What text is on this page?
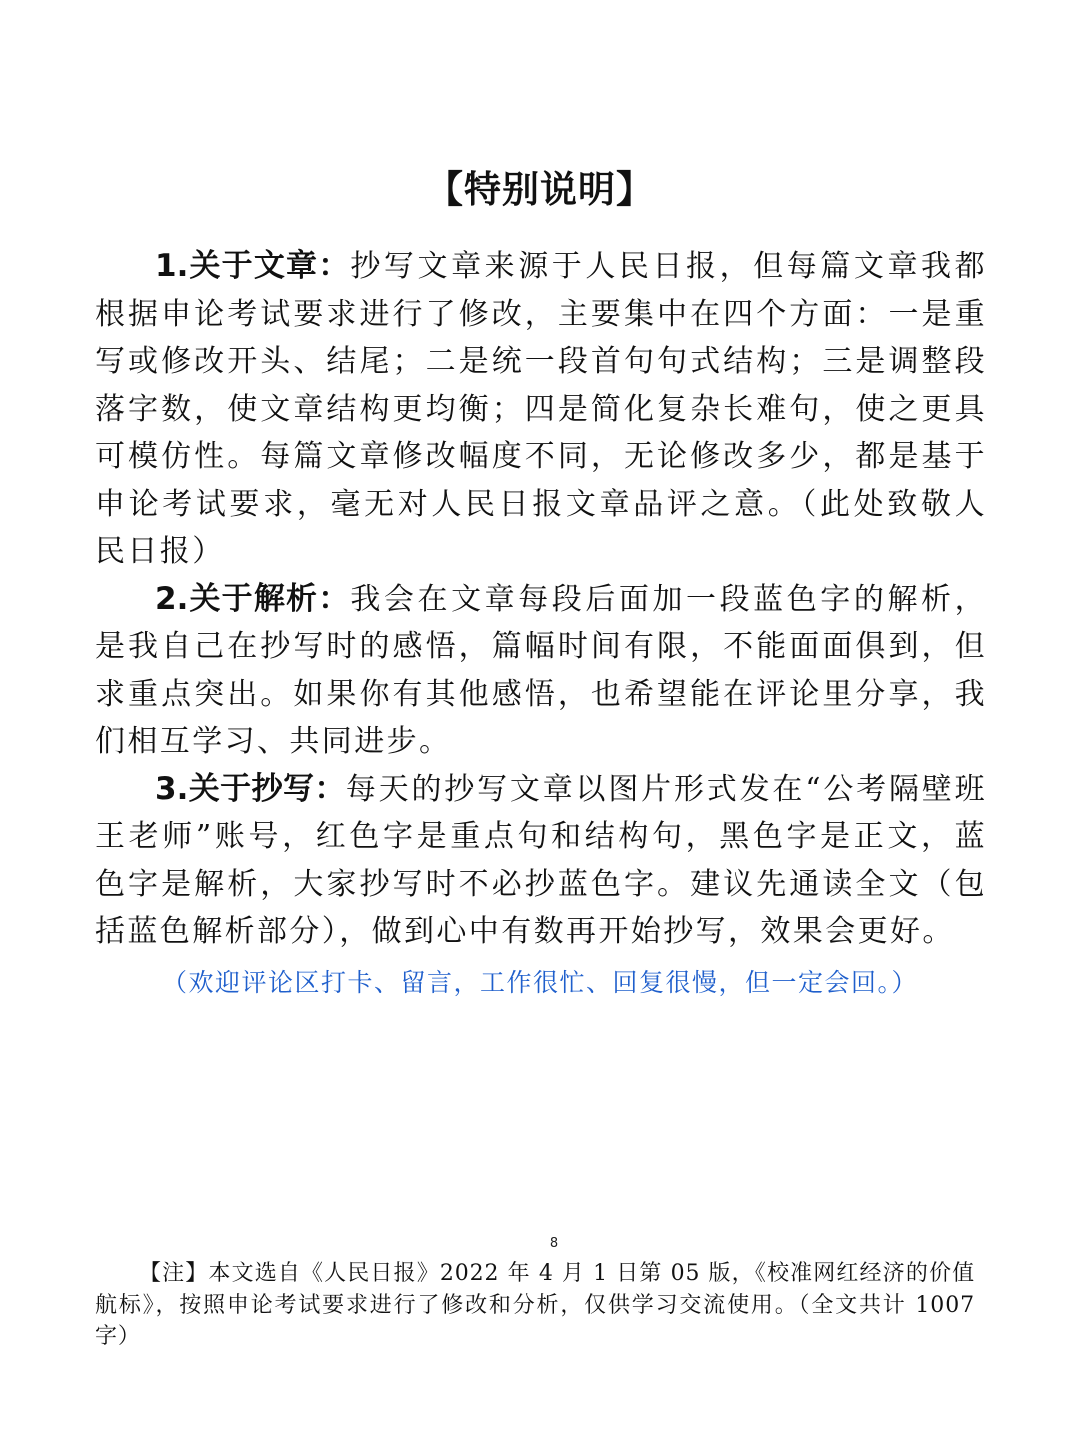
【特别说明】

1.关于文章：抄写文章来源于人民日报，但每篇文章我都根据申论考试要求进行了修改，主要集中在四个方面：一是重写或修改开头、结尾；二是统一段首句句式结构；三是调整段落字数，使文章结构更均衡；四是简化复杂长难句，使之更具可模仿性。每篇文章修改幅度不同，无论修改多少，都是基于申论考试要求，毫无对人民日报文章品评之意。（此处致敬人民日报）

2.关于解析：我会在文章每段后面加一段蓝色字的解析，是我自己在抄写时的感悟，篇幅时间有限，不能面面俱到，但求重点突出。如果你有其他感悟，也希望能在评论里分享，我们相互学习、共同进步。

3.关于抄写：每天的抄写文章以图片形式发在“公考隔壁班王老师”账号，红色字是重点句和结构句，黑色字是正文，蓝色字是解析，大家抄写时不必抄蓝色字。建议先通读全文（包括蓝色解析部分），做到心中有数再开始抄写，效果会更好。

（欢迎评论区打卡、留言，工作很忙、回复很慢，但一定会回。）
8

【注】本文选自《人民日报》2022 年 4 月 1 日第 05 版，《校准网红经济的价值航标》，按照申论考试要求进行了修改和分析，仅供学习交流使用。（全文共计 1007 字）
